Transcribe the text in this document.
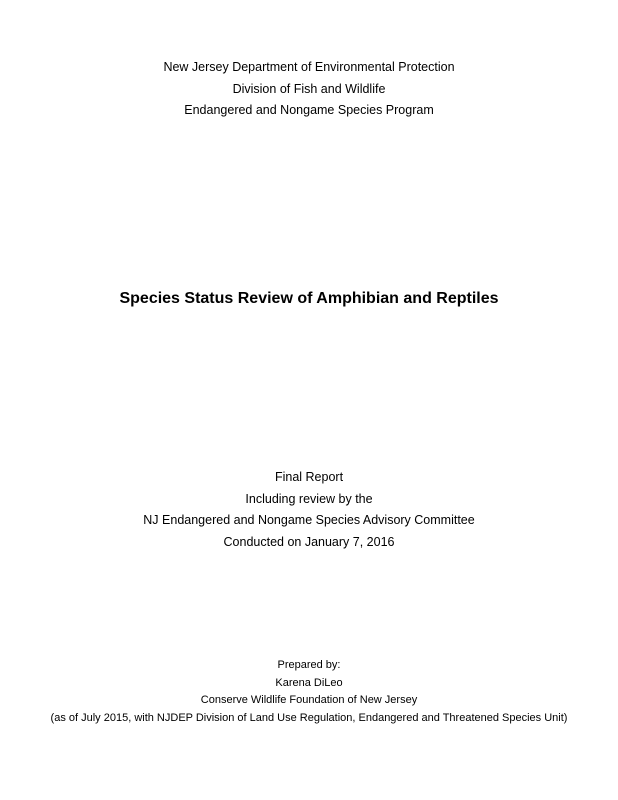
New Jersey Department of Environmental Protection
Division of Fish and Wildlife
Endangered and Nongame Species Program
Species Status Review of Amphibian and Reptiles
Final Report
Including review by the
NJ Endangered and Nongame Species Advisory Committee
Conducted on January 7, 2016
Prepared by:
Karena DiLeo
Conserve Wildlife Foundation of New Jersey
(as of July 2015, with NJDEP Division of Land Use Regulation, Endangered and Threatened Species Unit)
